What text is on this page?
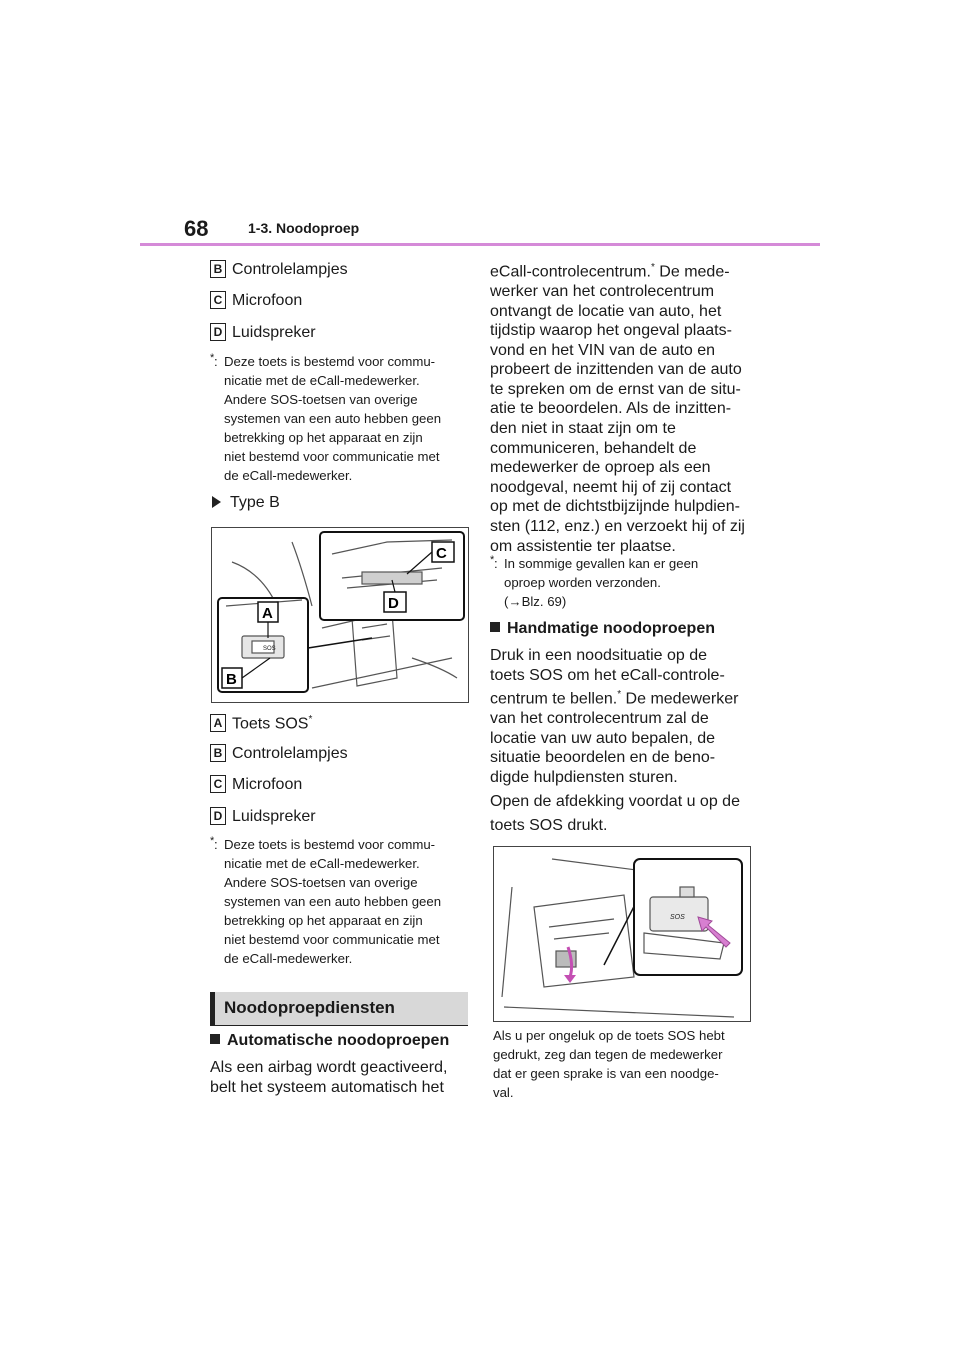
68	1-3. Noodoproep
B Controlelampjes
C Microfoon
D Luidspreker
* : Deze toets is bestemd voor commu-
nicatie met de eCall-medewerker.
Andere SOS-toetsen van overige
systemen van een auto hebben geen
betrekking op het apparaat en zijn
niet bestemd voor communicatie met
de eCall-medewerker.
Type B
SOS
A
B
C
D
A Toets SOS*
B Controlelampjes
C Microfoon
D Luidspreker
* : Deze toets is bestemd voor commu-
nicatie met de eCall-medewerker.
Andere SOS-toetsen van overige
systemen van een auto hebben geen
betrekking op het apparaat en zijn
niet bestemd voor communicatie met
de eCall-medewerker.
Noodoproepdiensten
Automatische noodoproepen
Als een airbag wordt geactiveerd,
belt het systeem automatisch het
eCall-controlecentrum.* De mede-
werker van het controlecentrum
ontvangt de locatie van auto, het
tijdstip waarop het ongeval plaats-
vond en het VIN van de auto en
probeert de inzittenden van de auto
te spreken om de ernst van de situ-
atie te beoordelen. Als de inzitten-
den niet in staat zijn om te
communiceren, behandelt de
medewerker de oproep als een
noodgeval, neemt hij of zij contact
op met de dichtstbijzijnde hulpdien-
sten (112, enz.) en verzoekt hij of zij
om assistentie ter plaatse.
* : In sommige gevallen kan er geen
oproep worden verzonden.
(→Blz. 69)
Handmatige noodoproepen
Druk in een noodsituatie op de
toets SOS om het eCall-controle-
centrum te bellen.* De medewerker
van het controlecentrum zal de
locatie van uw auto bepalen, de
situatie beoordelen en de beno-
digde hulpdiensten sturen.
Open de afdekking voordat u op de
toets SOS drukt.
SOS
Als u per ongeluk op de toets SOS hebt
gedrukt, zeg dan tegen de medewerker
dat er geen sprake is van een noodge-
val.
